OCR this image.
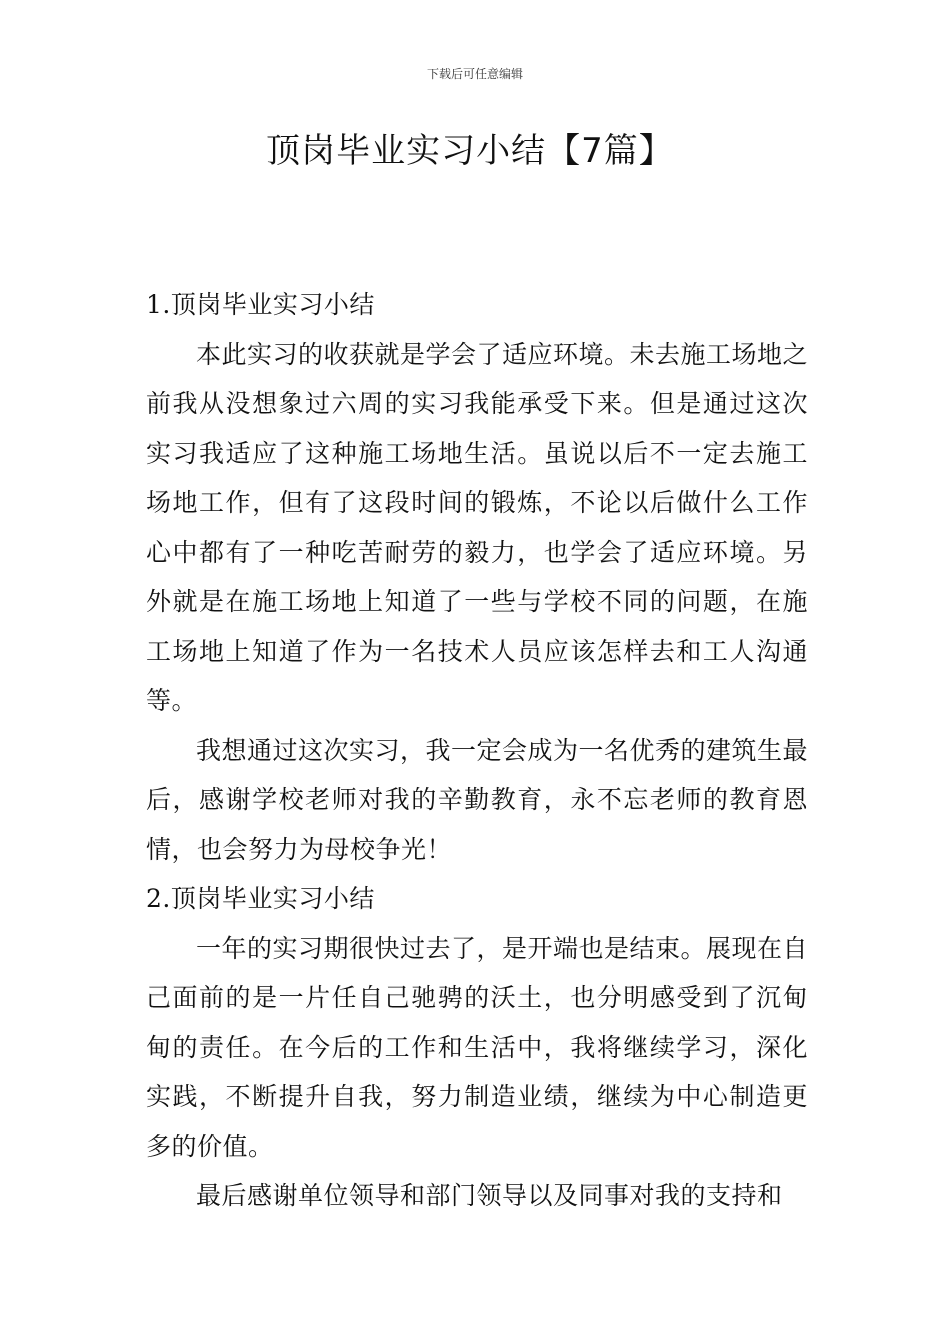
下载后可任意编辑
顶岗毕业实习小结【7篇】
1.顶岗毕业实习小结

本此实习的收获就是学会了适应环境。未去施工场地之前我从没想象过六周的实习我能承受下来。但是通过这次实习我适应了这种施工场地生活。虽说以后不一定去施工场地工作，但有了这段时间的锻炼，不论以后做什么工作心中都有了一种吃苦耐劳的毅力，也学会了适应环境。另外就是在施工场地上知道了一些与学校不同的问题，在施工场地上知道了作为一名技术人员应该怎样去和工人沟通等。

我想通过这次实习，我一定会成为一名优秀的建筑生最后，感谢学校老师对我的辛勤教育，永不忘老师的教育恩情，也会努力为母校争光！

2.顶岗毕业实习小结

一年的实习期很快过去了，是开端也是结束。展现在自己面前的是一片任自己驰骋的沃土，也分明感受到了沉甸甸的责任。在今后的工作和生活中，我将继续学习，深化实践，不断提升自我，努力制造业绩，继续为中心制造更多的价值。

最后感谢单位领导和部门领导以及同事对我的支持和
